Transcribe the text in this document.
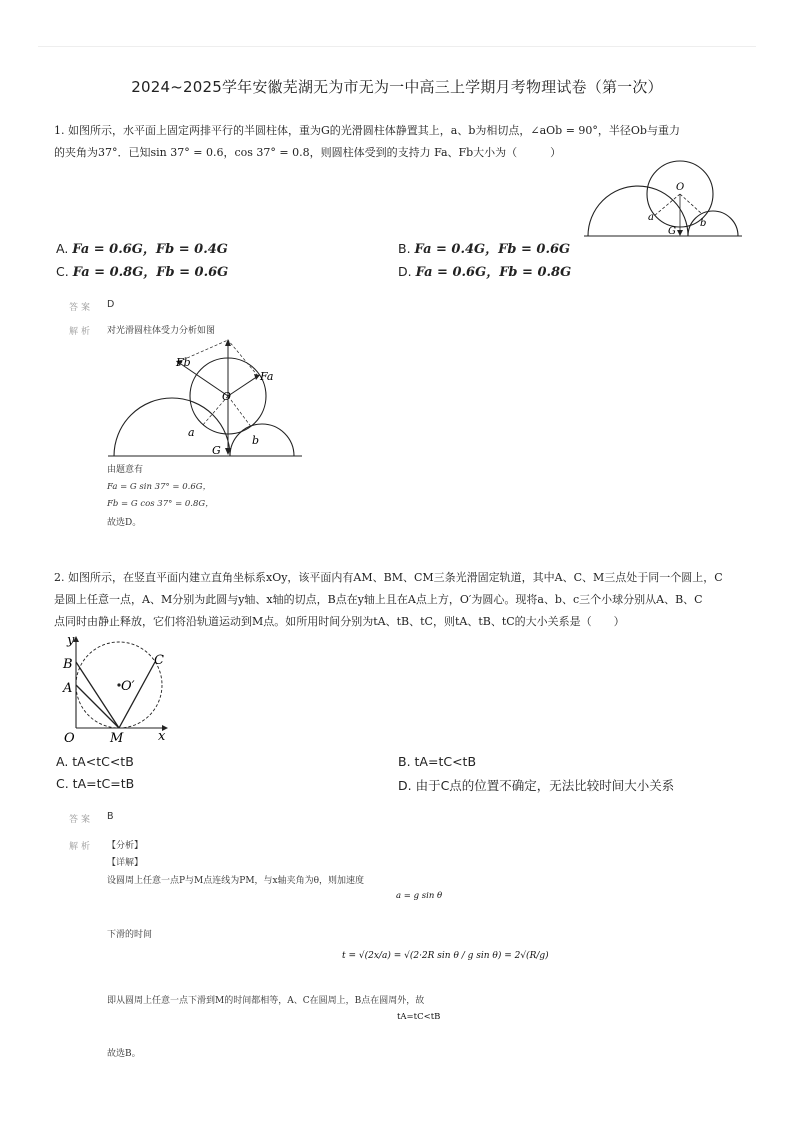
2024~2025学年安徽芜湖无为市无为一中高三上学期月考物理试卷（第一次）
1. 如图所示，水平面上固定两排平行的半圆柱体，重为G的光滑圆柱体静置其上，a、b为相切点，∠aOb = 90°，半径Ob与重力
的夹角为37°．已知sin 37° = 0.6，cos 37° = 0.8，则圆柱体受到的支持力 Fa、Fb大小为（　　　）
O
a
b
G
A. Fa = 0.6G，Fb = 0.4G	B. Fa = 0.4G，Fb = 0.6G
C. Fa = 0.8G，Fb = 0.6G	D. Fa = 0.6G，Fb = 0.8G
答案 D
解析 对光滑圆柱体受力分析如图
O
a
b
G
Fb
Fa
由题意有
Fa = G sin 37° = 0.6G，
Fb = G cos 37° = 0.8G，
故选D。
2. 如图所示，在竖直平面内建立直角坐标系xOy，该平面内有AM、BM、CM三条光滑固定轨道，其中A、C、M三点处于同一个圆上，C
是圆上任意一点，A、M分别为此圆与y轴、x轴的切点，B点在y轴上且在A点上方，O′为圆心。现将a、b、c三个小球分别从A、B、C
点同时由静止释放，它们将沿轨道运动到M点。如所用时间分别为tA、tB、tC，则tA、tB、tC的大小关系是（　　）
y
B
A
C
O′
O	M	x
A. tA<tC<tB	B. tA=tC<tB
C. tA=tC=tB	D. 由于C点的位置不确定，无法比较时间大小关系
答案 B
解析 【分析】
【详解】
设圆周上任意一点P与M点连线为PM，与x轴夹角为θ，则加速度
a = g sin θ
下滑的时间
t = √(2x/a) = √(2·2R sin θ / g sin θ) = 2√(R/g)
即从圆周上任意一点下滑到M的时间都相等，A、C在圆周上，B点在圆周外，故
tA=tC<tB
故选B。
